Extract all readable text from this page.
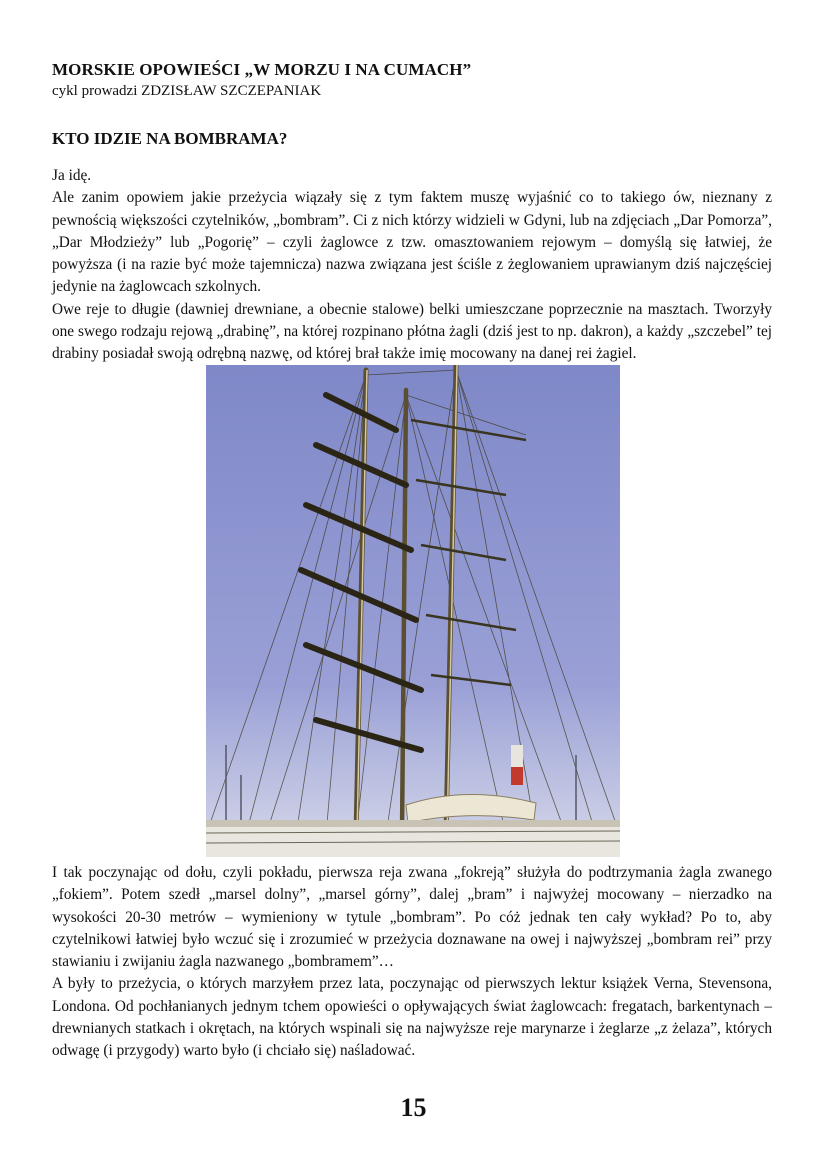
MORSKIE OPOWIEŚCI „W MORZU I NA CUMACH”
cykl prowadzi ZDZISŁAW SZCZEPANIAK
KTO IDZIE NA BOMBRAMA?

Ja idę.

Ale zanim opowiem jakie przeżycia wiązały się z tym faktem muszę wyjaśnić co to takiego ów, nieznany z pewnością większości czytelników, „bombram”. Ci z nich którzy widzieli w Gdyni, lub na zdjęciach „Dar Pomorza”, „Dar Młodzieży” lub „Pogorię” – czyli żaglowce z tzw. omasztowaniem rejowym – domyślą się łatwiej, że powyższa (i na razie być może tajemnicza) nazwa związana jest ściśle z żeglowaniem uprawianym dziś najczęściej jedynie na żaglowcach szkolnych.

Owe reje to długie (dawniej drewniane, a obecnie stalowe) belki umieszczane poprzecznie na masztach. Tworzyły one swego rodzaju rejową „drabinę”, na której rozpinano płótna żagli (dziś jest to np. dakron), a każdy „szczebel” tej drabiny posiadał swoją odrębną nazwę, od której brał także imię mocowany na danej rei żagiel.

I tak poczynając od dołu, czyli pokładu, pierwsza reja zwana „fokreją” służyła do podtrzymania żagla zwanego „fokiem”. Potem szedł „marsel dolny”, „marsel górny”, dalej „bram” i najwyżej mocowany – nierzadko na wysokości 20-30 metrów – wymieniony w tytule „bombram”. Po cóż jednak ten cały wykład? Po to, aby czytelnikowi łatwiej było wczuć się i zrozumieć w przeżycia doznawane na owej i najwyższej „bombram rei” przy stawianiu i zwijaniu żagla nazwanego „bombramem”…

A były to przeżycia, o których marzyłem przez lata, poczynając od pierwszych lektur książek Verna, Stevensona, Londona. Od pochłanianych jednym tchem opowieści o opływających świat żaglowcach: fregatach, barkentynach – drewnianych statkach i okrętach, na których wspinali się na najwyższe reje marynarze i żeglarze „z żelaza”, których odwagę (i przygody) warto było (i chciało się) naśladować.

15
